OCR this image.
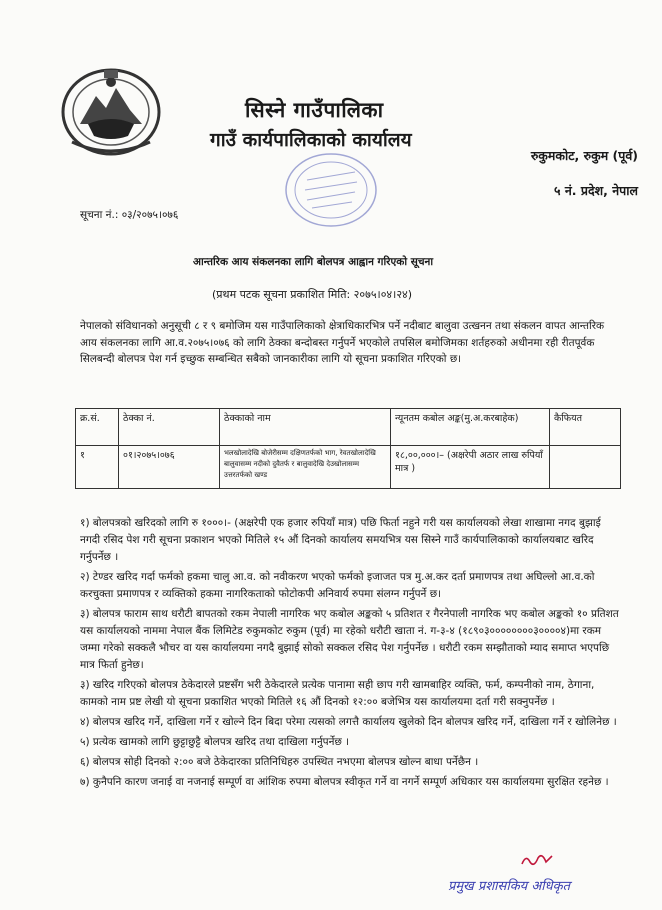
सिस्ने गाउँपालिका
गाउँ कार्यपालिकाको कार्यालय
रुकुमकोट, रुकुम (पूर्व)
५ नं. प्रदेश, नेपाल
सूचना नं.: ०३/२०७५।०७६
आन्तरिक आय संकलनका लागि बोलपत्र आह्वान गरिएको सूचना
(प्रथम पटक सूचना प्रकाशित मिति: २०७५।०४।२४)
नेपालको संविधानको अनुसूची ८ र ९ बमोजिम यस गाउँपालिकाको क्षेत्राधिकारभित्र पर्ने नदीबाट बालुवा उत्खनन तथा संकलन वापत आन्तरिक आय संकलनका लागि आ.व.२०७५।०७६ को लागि ठेक्का बन्दोबस्त गर्नुपर्ने भएकोले तपसिल बमोजिमका शर्तहरुको अधीनमा रही रीतपूर्वक सिलबन्दी बोलपत्र पेश गर्न इच्छुक सम्बन्धित सबैको जानकारीका लागि यो सूचना प्रकाशित गरिएको छ।
क्र.सं.	ठेक्का नं.	ठेक्काको नाम	न्यूनतम कबोल अङ्क(मु.अ.करबाहेक)	कैफियत
१	०१।२०७५।०७६	भलखोलादेखि बोजेरीसम्म दक्षिणतर्फको भाग, रेवतखोलादेखि बालुवासम्म नदीको दुवैतर्फ र बालुवादेखि देउखोलासम्म उत्तरतर्फको खण्ड	१८,००,०००।– (अक्षरेपी अठार लाख रुपियाँ मात्र )	
१) बोलपत्रको खरिदको लागि रु १०००।- (अक्षरेपी एक हजार रुपियाँ मात्र) पछि फिर्ता नहुने गरी यस कार्यालयको लेखा शाखामा नगद बुझाई नगदी रसिद पेश गरी सूचना प्रकाशन भएको मितिले १५ औं दिनको कार्यालय समयभित्र यस सिस्ने गाउँ कार्यपालिकाको कार्यालयबाट खरिद गर्नुपर्नेछ ।
२) टेण्डर खरिद गर्दा फर्मको हकमा चालु आ.व. को नवीकरण भएको फर्मको इजाजत पत्र मु.अ.कर दर्ता प्रमाणपत्र तथा अघिल्लो आ.व.को करचुक्ता प्रमाणपत्र र व्यक्तिको हकमा नागरिकताको फोटोकपी अनिवार्य रुपमा संलग्न गर्नुपर्ने छ।
३) बोलपत्र फाराम साथ धरौटी बापतको रकम नेपाली नागरिक भए कबोल अङ्कको ५ प्रतिशत र गैरनेपाली नागरिक भए कबोल अङ्कको १० प्रतिशत यस कार्यालयको नाममा नेपाल बैंक लिमिटेड रुकुमकोट रुकुम (पूर्व) मा रहेको धरौटी खाता नं. ग-३-४ (१८९०३००००००००३००००४)मा रकम जम्मा गरेको सक्कलै भौचर वा यस कार्यालयमा नगदै बुझाई सोको सक्कल रसिद पेश गर्नुपर्नेछ । धरौटी रकम सम्झौताको म्याद समाप्त भएपछि मात्र फिर्ता हुनेछ।
३) खरिद गरिएको बोलपत्र ठेकेदारले प्रष्टसँग भरी ठेकेदारले प्रत्येक पानामा सही छाप गरी खामबाहिर व्यक्ति, फर्म, कम्पनीको नाम, ठेगाना, कामको नाम प्रष्ट लेखी यो सूचना प्रकाशित भएको मितिले १६ औं दिनको १२:०० बजेभित्र यस कार्यालयमा दर्ता गरी सक्नुपर्नेछ ।
४) बोलपत्र खरिद गर्ने, दाखिला गर्ने र खोल्ने दिन बिदा परेमा त्यसको लगत्तै कार्यालय खुलेको दिन बोलपत्र खरिद गर्ने, दाखिला गर्ने र खोलिनेछ ।
५) प्रत्येक खामको लागि छुट्टाछुट्टै बोलपत्र खरिद तथा दाखिला गर्नुपर्नेछ ।
६) बोलपत्र सोही दिनको २:०० बजे ठेकेदारका प्रतिनिधिहरु उपस्थित नभएमा बोलपत्र खोल्न बाधा पर्नेछैन ।
७) कुनैपनि कारण जनाई वा नजनाई सम्पूर्ण वा आंशिक रुपमा बोलपत्र स्वीकृत गर्ने वा नगर्ने सम्पूर्ण अधिकार यस कार्यालयमा सुरक्षित रहनेछ ।
प्रमुख प्रशासकिय अधिकृत
